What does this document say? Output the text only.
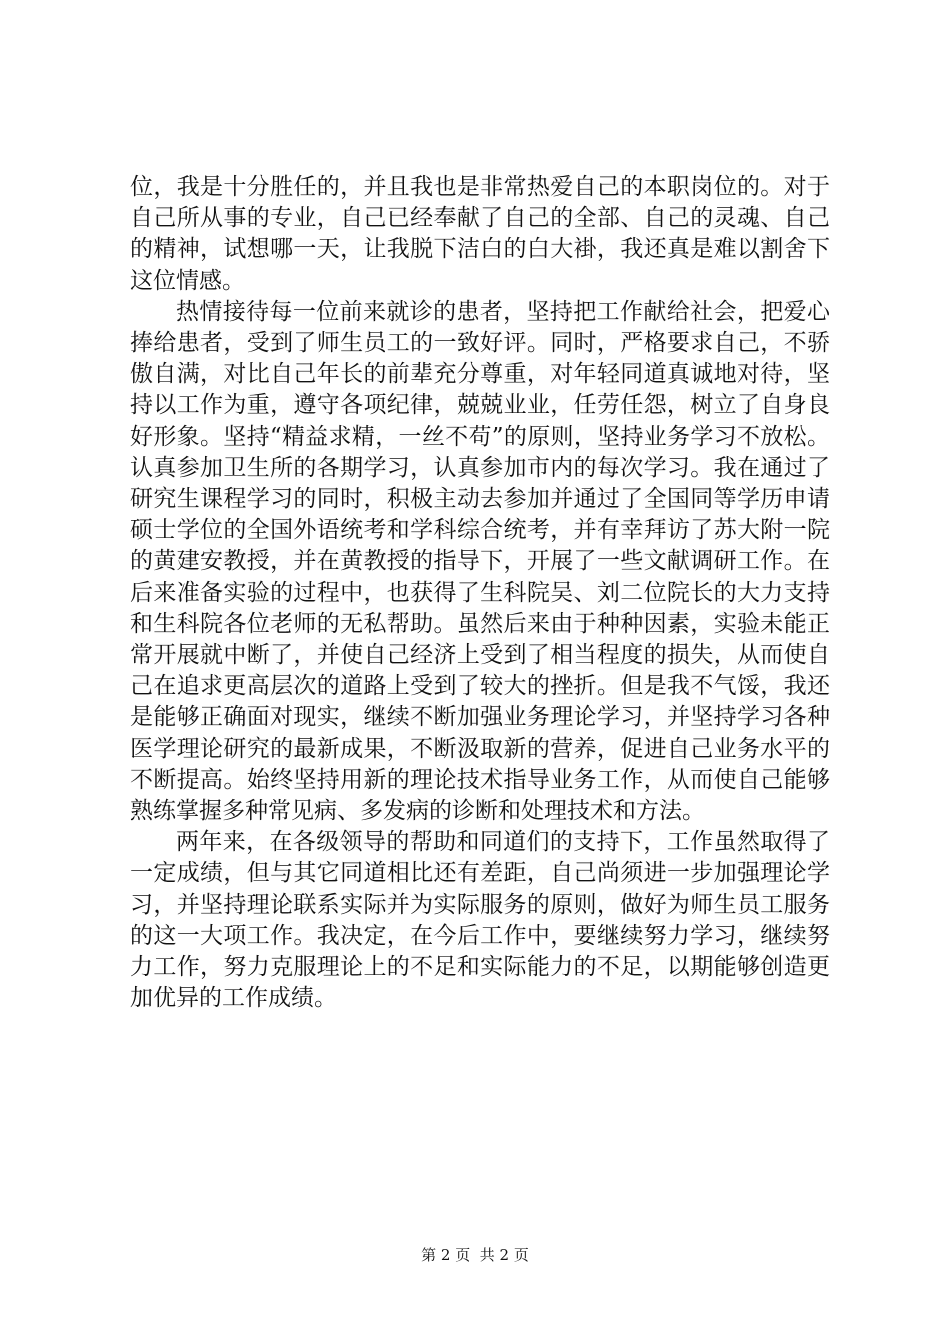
位，我是十分胜任的，并且我也是非常热爱自己的本职岗位的。对于自己所从事的专业，自己已经奉献了自己的全部、自己的灵魂、自己的精神，试想哪一天，让我脱下洁白的白大褂，我还真是难以割舍下这位情感。

热情接待每一位前来就诊的患者，坚持把工作献给社会，把爱心捧给患者，受到了师生员工的一致好评。同时，严格要求自己，不骄傲自满，对比自己年长的前辈充分尊重，对年轻同道真诚地对待，坚持以工作为重，遵守各项纪律，兢兢业业，任劳任怨，树立了自身良好形象。坚持“精益求精，一丝不苟”的原则，坚持业务学习不放松。认真参加卫生所的各期学习，认真参加市内的每次学习。我在通过了研究生课程学习的同时，积极主动去参加并通过了全国同等学历申请硕士学位的全国外语统考和学科综合统考，并有幸拜访了苏大附一院的黄建安教授，并在黄教授的指导下，开展了一些文献调研工作。在后来准备实验的过程中，也获得了生科院吴、刘二位院长的大力支持和生科院各位老师的无私帮助。虽然后来由于种种因素，实验未能正常开展就中断了，并使自己经济上受到了相当程度的损失，从而使自己在追求更高层次的道路上受到了较大的挫折。但是我不气馁，我还是能够正确面对现实，继续不断加强业务理论学习，并坚持学习各种医学理论研究的最新成果，不断汲取新的营养，促进自己业务水平的不断提高。始终坚持用新的理论技术指导业务工作，从而使自己能够熟练掌握多种常见病、多发病的诊断和处理技术和方法。

两年来，在各级领导的帮助和同道们的支持下，工作虽然取得了一定成绩，但与其它同道相比还有差距，自己尚须进一步加强理论学习，并坚持理论联系实际并为实际服务的原则，做好为师生员工服务的这一大项工作。我决定，在今后工作中，要继续努力学习，继续努力工作，努力克服理论上的不足和实际能力的不足，以期能够创造更加优异的工作成绩。

第 2 页  共 2 页
